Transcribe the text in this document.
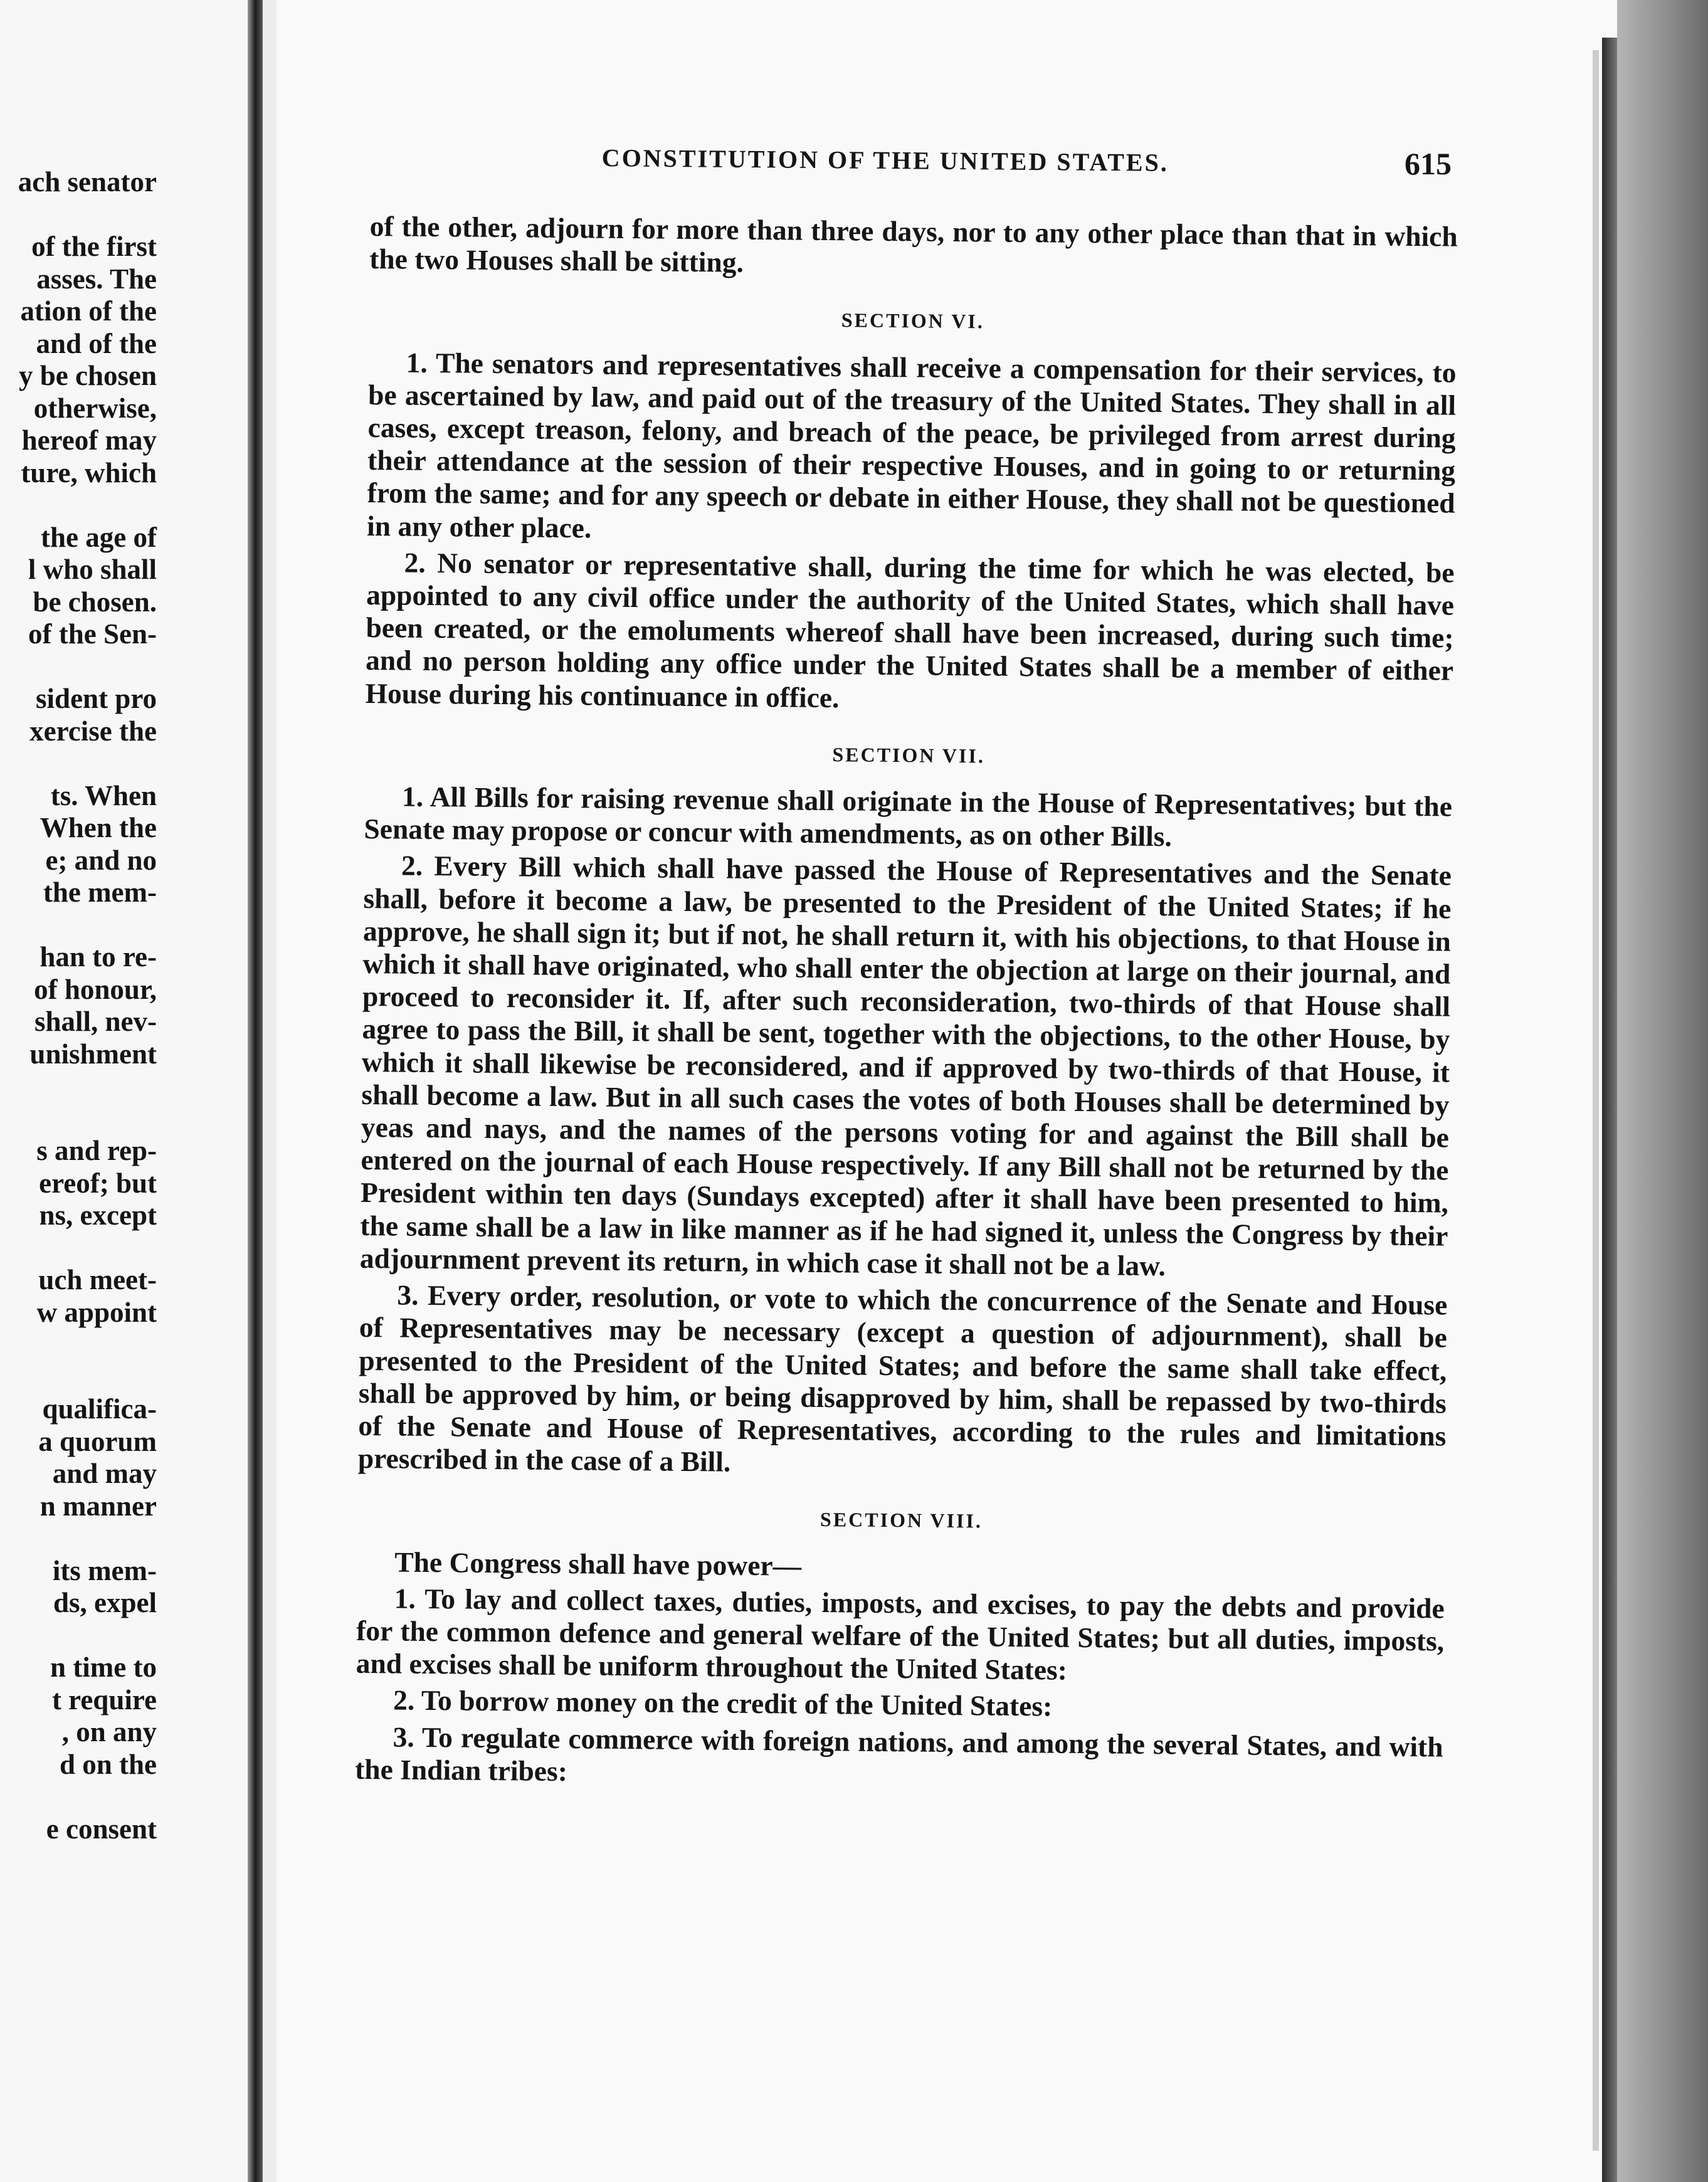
ach senator
of the first
asses. The
ation of the
and of the
y be chosen
otherwise,
hereof may
ture, which
the age of
l who shall
be chosen.
of the Sen-
sident pro
xercise the
ts. When
When the
e; and no
the mem-
han to re-
of honour,
shall, nev-
unishment
s and rep-
ereof; but
ns, except
uch meet-
w appoint
qualifica-
a quorum
and may
n manner
its mem-
ds, expel
n time to
t require
, on any
d on the
e consent
CONSTITUTION OF THE UNITED STATES.	615

of the other, adjourn for more than three days, nor to any other place than that in which the two Houses shall be sitting.

SECTION VI.

1. The senators and representatives shall receive a compensation for their services, to be ascertained by law, and paid out of the treasury of the United States. They shall in all cases, except treason, felony, and breach of the peace, be privileged from arrest during their attendance at the session of their respective Houses, and in going to or returning from the same; and for any speech or debate in either House, they shall not be questioned in any other place.

2. No senator or representative shall, during the time for which he was elected, be appointed to any civil office under the authority of the United States, which shall have been created, or the emoluments whereof shall have been increased, during such time; and no person holding any office under the United States shall be a member of either House during his continuance in office.

SECTION VII.

1. All Bills for raising revenue shall originate in the House of Representatives; but the Senate may propose or concur with amendments, as on other Bills.

2. Every Bill which shall have passed the House of Representatives and the Senate shall, before it become a law, be presented to the President of the United States; if he approve, he shall sign it; but if not, he shall return it, with his objections, to that House in which it shall have originated, who shall enter the objection at large on their journal, and proceed to reconsider it. If, after such reconsideration, two-thirds of that House shall agree to pass the Bill, it shall be sent, together with the objections, to the other House, by which it shall likewise be reconsidered, and if approved by two-thirds of that House, it shall become a law. But in all such cases the votes of both Houses shall be determined by yeas and nays, and the names of the persons voting for and against the Bill shall be entered on the journal of each House respectively. If any Bill shall not be returned by the President within ten days (Sundays excepted) after it shall have been presented to him, the same shall be a law in like manner as if he had signed it, unless the Congress by their adjournment prevent its return, in which case it shall not be a law.

3. Every order, resolution, or vote to which the concurrence of the Senate and House of Representatives may be necessary (except a question of adjournment), shall be presented to the President of the United States; and before the same shall take effect, shall be approved by him, or being disapproved by him, shall be repassed by two-thirds of the Senate and House of Representatives, according to the rules and limitations prescribed in the case of a Bill.

SECTION VIII.

The Congress shall have power—

1. To lay and collect taxes, duties, imposts, and excises, to pay the debts and provide for the common defence and general welfare of the United States; but all duties, imposts, and excises shall be uniform throughout the United States:

2. To borrow money on the credit of the United States:

3. To regulate commerce with foreign nations, and among the several States, and with the Indian tribes:
